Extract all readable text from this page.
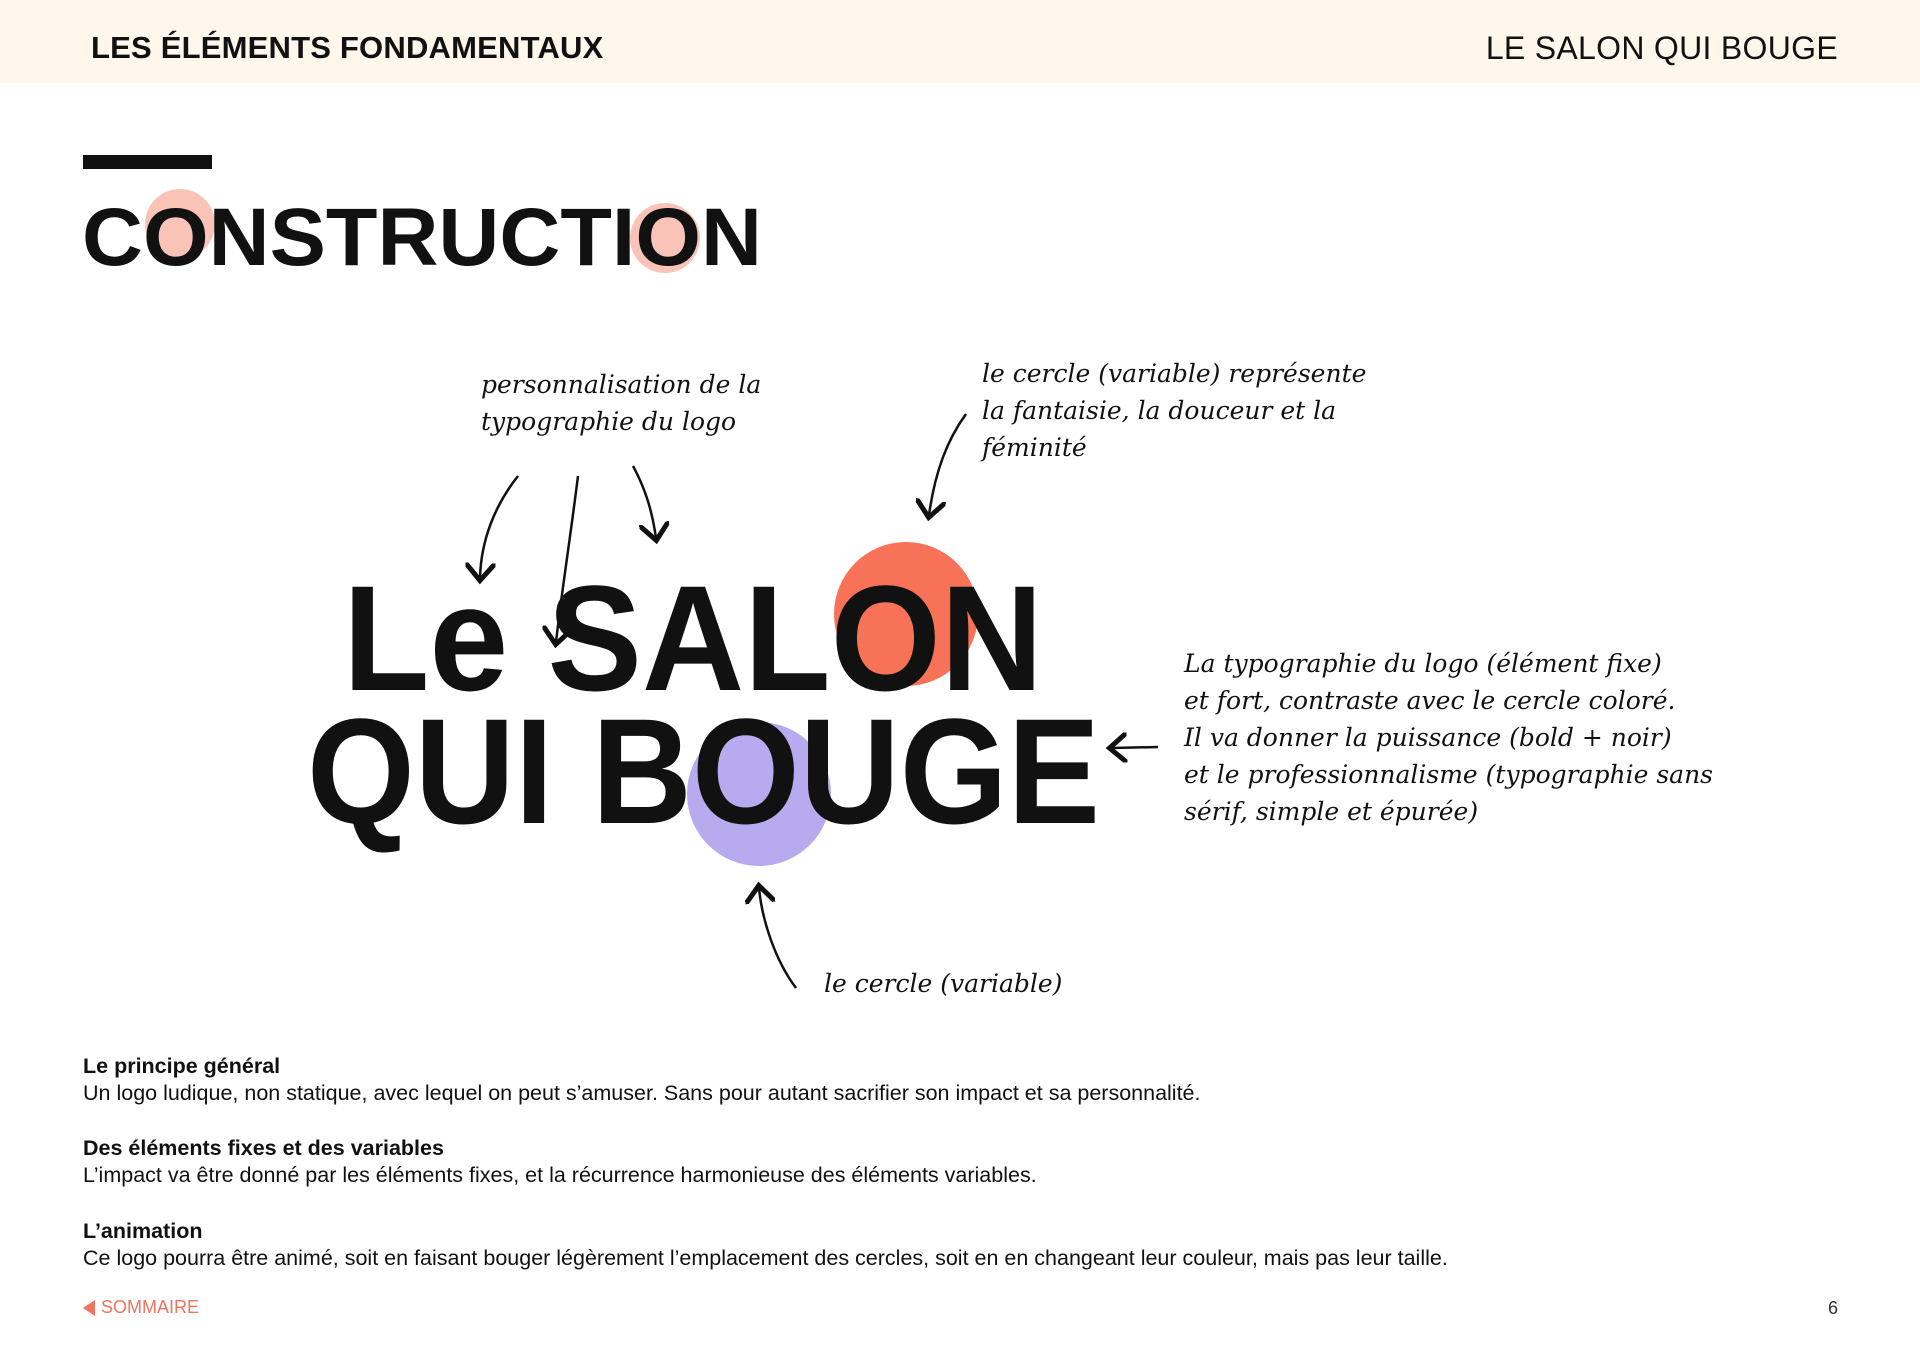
LES ÉLÉMENTS FONDAMENTAUX	LE SALON QUI BOUGE
CONSTRUCTION
Le SALON
QUI BOUGE
personnalisation de la
typographie du logo
le cercle (variable) représente
la fantaisie, la douceur et la
féminité
La typographie du logo (élément fixe)
et fort, contraste avec le cercle coloré.
Il va donner la puissance (bold + noir)
et le professionnalisme (typographie sans
sérif, simple et épurée)
le cercle (variable)
Le principe général
Un logo ludique, non statique, avec lequel on peut s’amuser. Sans pour autant sacrifier son impact et sa personnalité.
Des éléments fixes et des variables
L’impact va être donné par les éléments fixes, et la récurrence harmonieuse des éléments variables.
L’animation
Ce logo pourra être animé, soit en faisant bouger légèrement l’emplacement des cercles, soit en en changeant leur couleur, mais pas leur taille.
SOMMAIRE	6
